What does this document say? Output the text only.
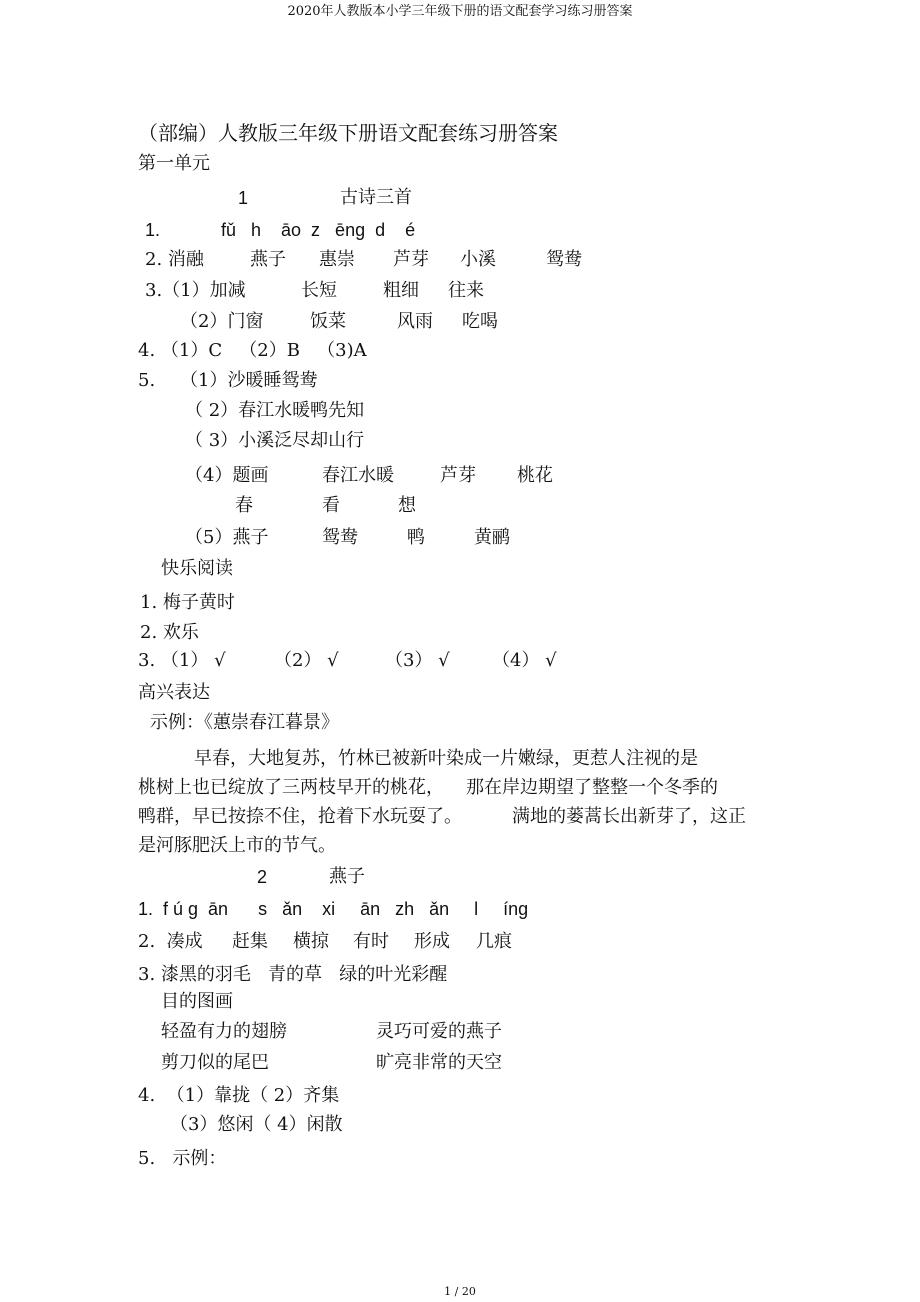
2020年人教版本小学三年级下册的语文配套学习练习册答案
（部编）人教版三年级下册语文配套练习册答案
第一单元
1	古诗三首
1.	fǔ   h    āo  z   ēng  d    é
2. 消融	燕子 惠崇 芦芽 小溪	鸳鸯
3.（1）加减	长短	粗细 往来
（2）门窗	饭菜	风雨 吃喝
4. （1）C   （2）B   （3)A
5. （1）沙暖睡鸳鸯
（ 2）春江水暖鸭先知
（ 3）小溪泛尽却山行
（4）题画	春江水暖	芦芽 桃花
春	看	想
（5）燕子	鸳鸯	鸭	黄鹂
快乐阅读
1. 梅子黄时
2. 欢乐
3. （1） √	（2） √	（3） √ （4） √
高兴表达
示例：《蕙崇春江暮景》
早春，大地复苏，竹林已被新叶染成一片嫩绿，更惹人注视的是
桃树上也已绽放了三两枝早开的桃花， 那在岸边期望了整整一个冬季的
鸭群，早已按捺不住，抢着下水玩耍了。	满地的蒌蒿长出新芽了，这正
是河豚肥沃上市的节气。
2	燕子
1.  f ú g  ān      s   ǎn    xi     ān   zh   ǎn     l     íng
2.  凑成 赶集 横掠 有时 形成 几痕
3. 漆黑的羽毛   青的草   绿的叶光彩醒
目的图画
轻盈有力的翅膀	灵巧可爱的燕子
剪刀似的尾巴	旷亮非常的天空
4.  （1）靠拢（ 2）齐集
（3）悠闲（ 4）闲散
5.   示例：
1 / 20
